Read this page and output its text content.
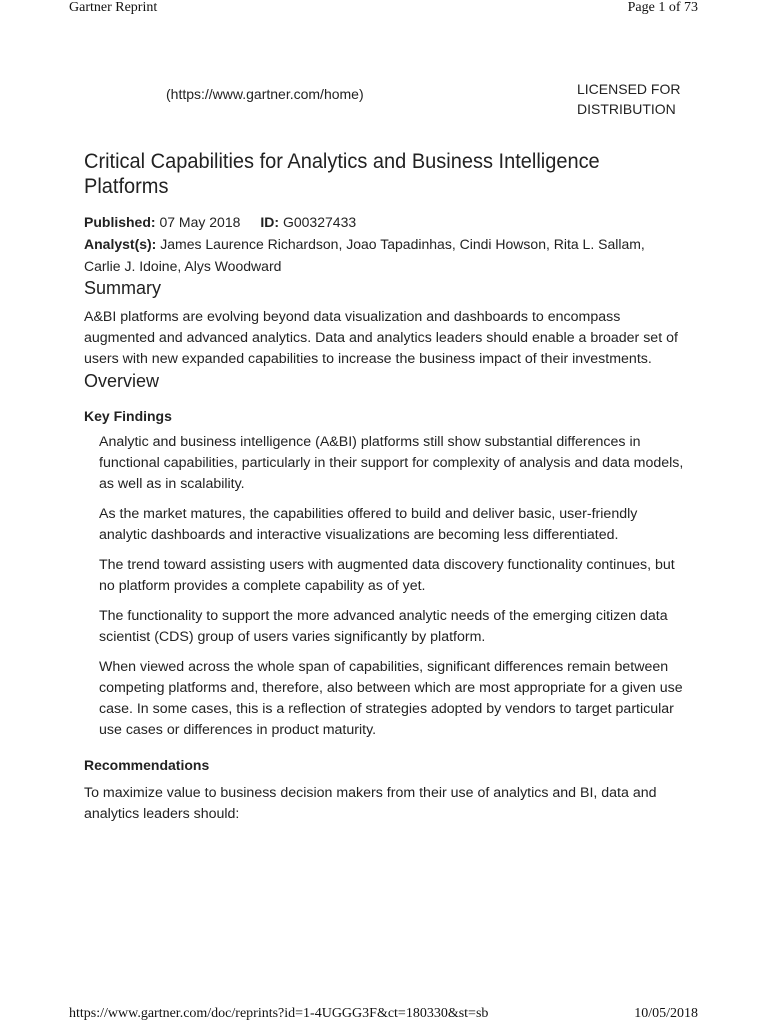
Gartner Reprint	Page 1 of 73
(https://www.gartner.com/home)	LICENSED FOR
DISTRIBUTION
Critical Capabilities for Analytics and Business Intelligence
Platforms
Published: 07 May 2018 ID: G00327433
Analyst(s): James Laurence Richardson, Joao Tapadinhas, Cindi Howson, Rita L. Sallam,
Carlie J. Idoine, Alys Woodward
Summary

A&BI platforms are evolving beyond data visualization and dashboards to encompass augmented and advanced analytics. Data and analytics leaders should enable a broader set of users with new expanded capabilities to increase the business impact of their investments.

Overview
Key Findings
Analytic and business intelligence (A&BI) platforms still show substantial differences in functional capabilities, particularly in their support for complexity of analysis and data models, as well as in scalability.
As the market matures, the capabilities offered to build and deliver basic, user-friendly analytic dashboards and interactive visualizations are becoming less differentiated.
The trend toward assisting users with augmented data discovery functionality continues, but no platform provides a complete capability as of yet.
The functionality to support the more advanced analytic needs of the emerging citizen data scientist (CDS) group of users varies significantly by platform.
When viewed across the whole span of capabilities, significant differences remain between competing platforms and, therefore, also between which are most appropriate for a given use case. In some cases, this is a reflection of strategies adopted by vendors to target particular use cases or differences in product maturity.
Recommendations

To maximize value to business decision makers from their use of analytics and BI, data and analytics leaders should:

https://www.gartner.com/doc/reprints?id=1-4UGGG3F&ct=180330&st=sb	10/05/2018
